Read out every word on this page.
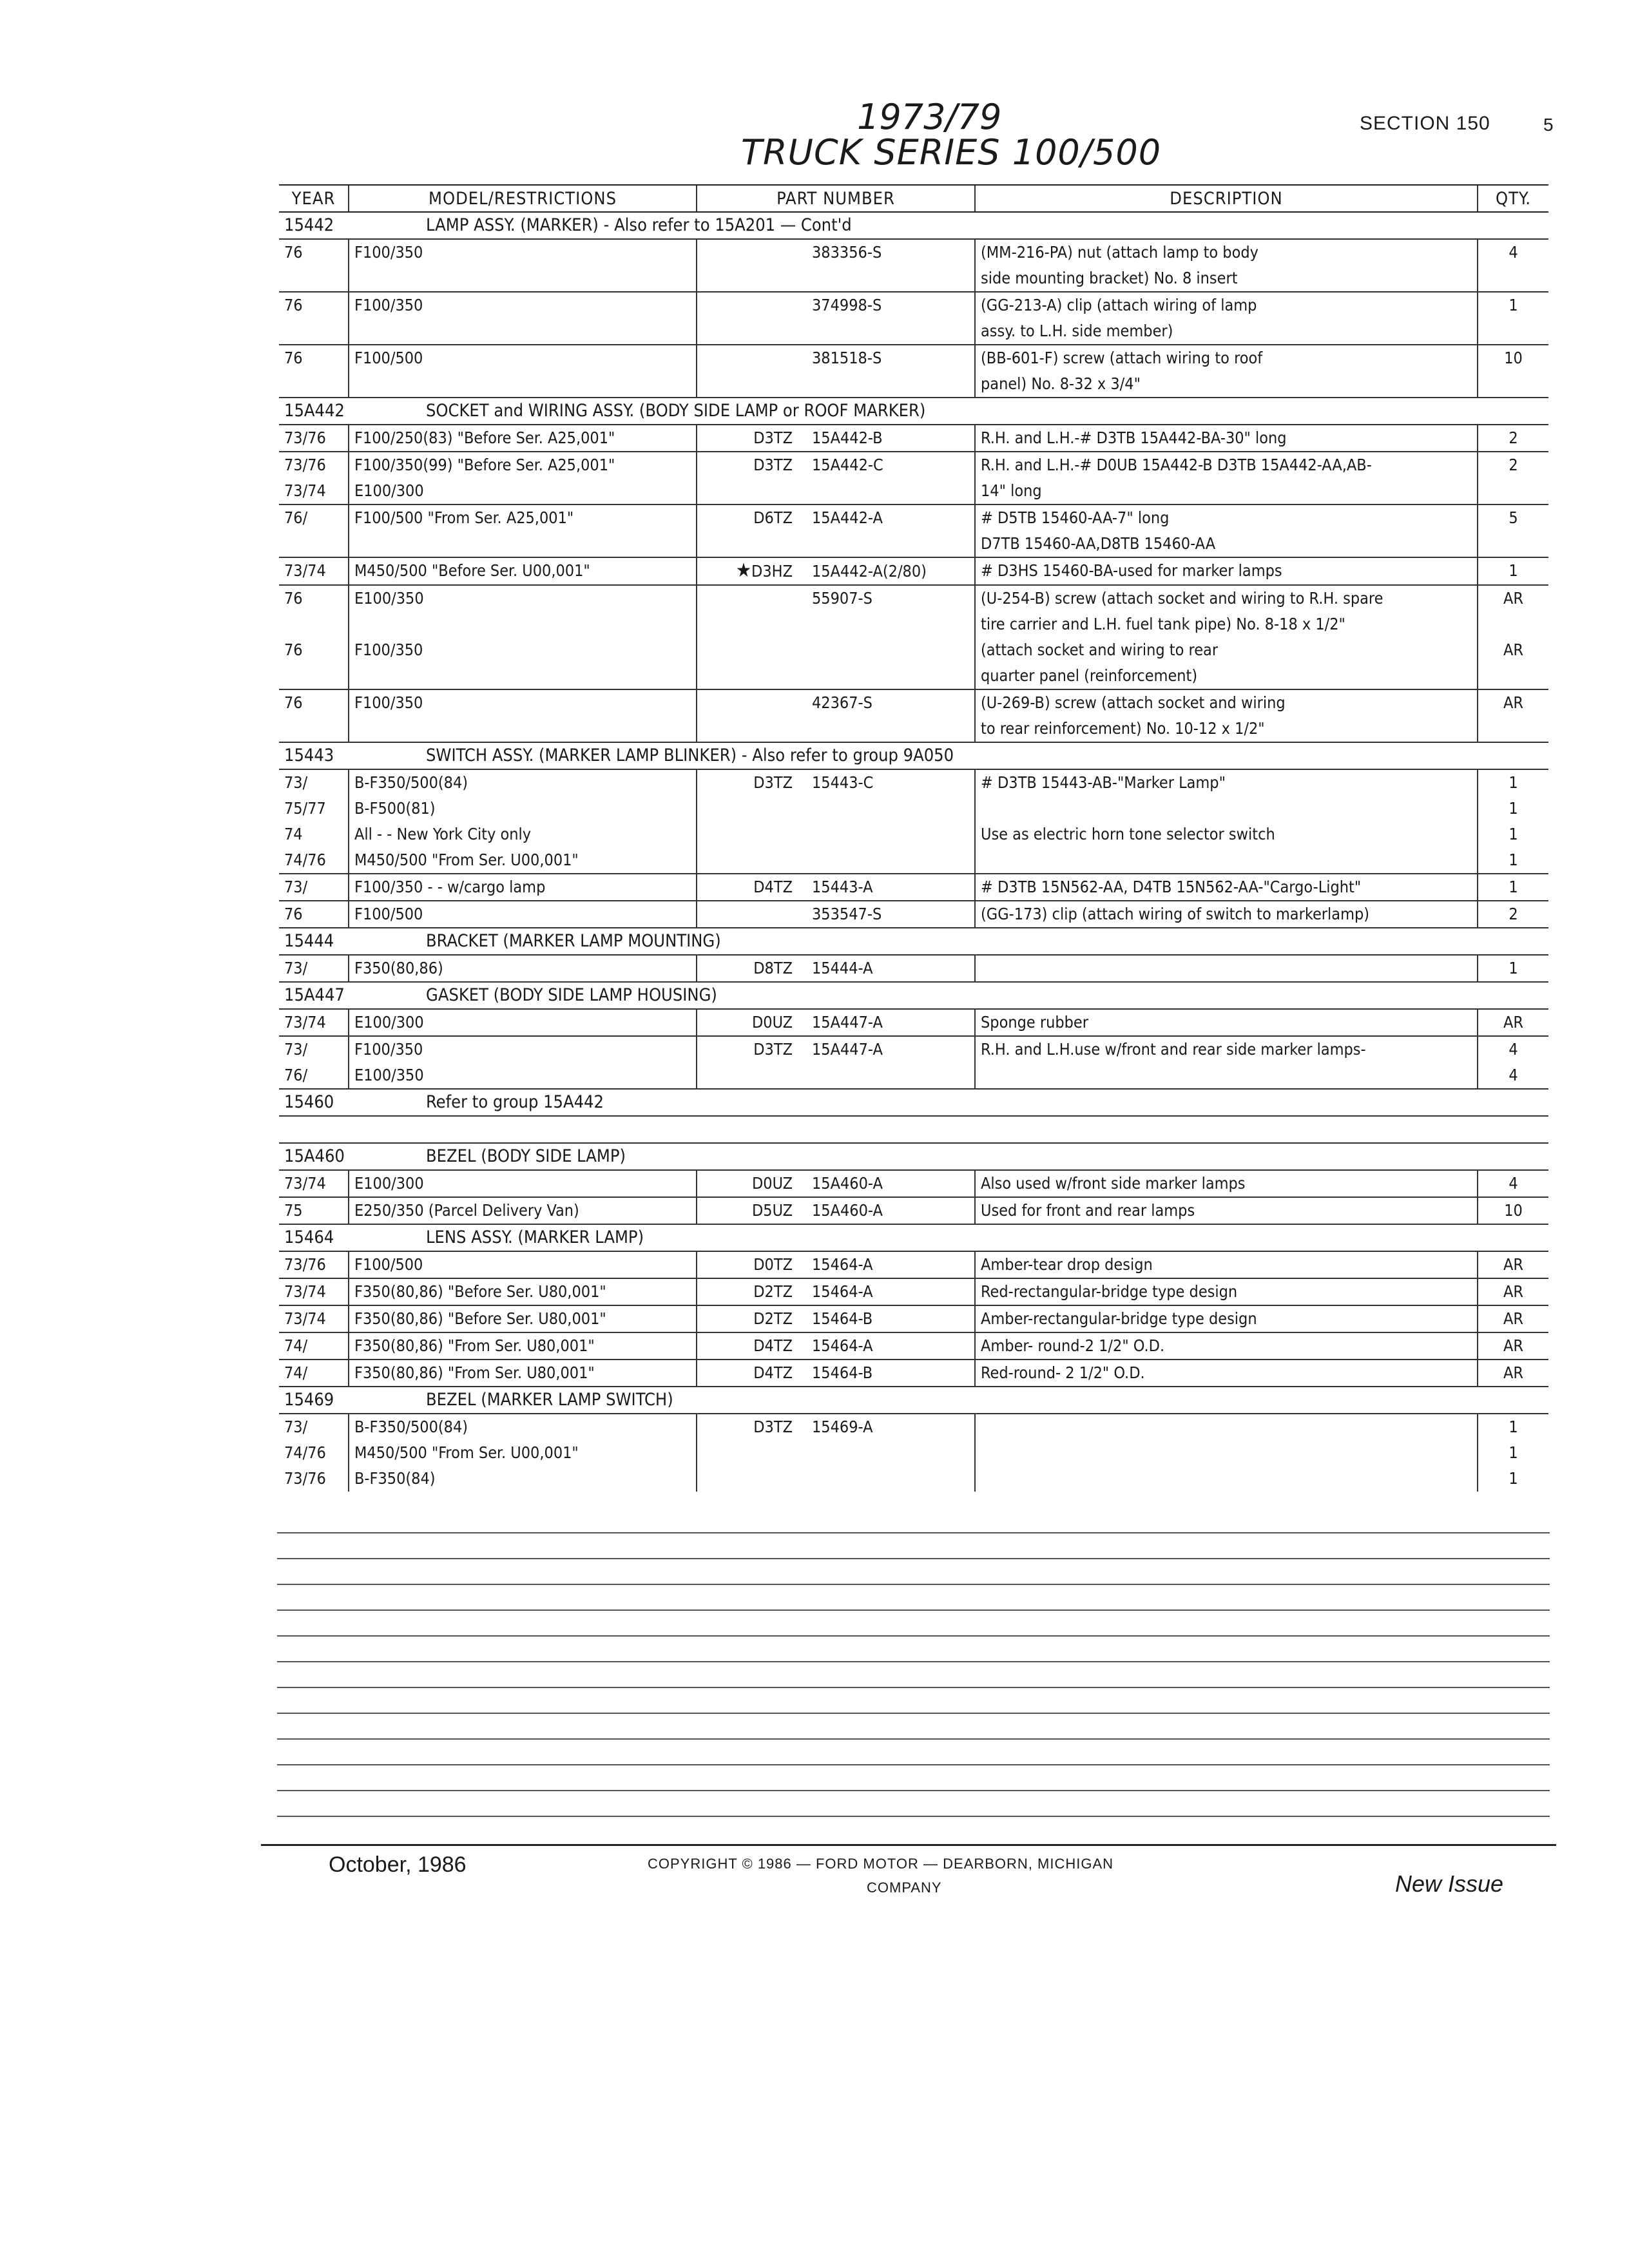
1973/79
TRUCK SERIES 100/500
SECTION 150	5
YEAR	MODEL/RESTRICTIONS	PART NUMBER	DESCRIPTION	QTY.
15442 LAMP ASSY. (MARKER) - Also refer to 15A201 — Cont'd				
76	F100/350	383356-S	(MM-216-PA) nut (attach lamp to body	4
			side mounting bracket) No. 8 insert	
76	F100/350	374998-S	(GG-213-A) clip (attach wiring of lamp	1
			assy. to L.H. side member)	
76	F100/500	381518-S	(BB-601-F) screw (attach wiring to roof	10
			panel) No. 8-32 x 3/4"	
15A442 SOCKET and WIRING ASSY. (BODY SIDE LAMP or ROOF MARKER)				
73/76	F100/250(83) "Before Ser. A25,001"	D3TZ 15A442-B	R.H. and L.H.-# D3TB 15A442-BA-30" long	2
73/76	F100/350(99) "Before Ser. A25,001"	D3TZ 15A442-C	R.H. and L.H.-# D0UB 15A442-B D3TB 15A442-AA,AB-	2
73/74	E100/300		14" long	
76/	F100/500 "From Ser. A25,001"	D6TZ 15A442-A	# D5TB 15460-AA-7" long	5
			D7TB 15460-AA,D8TB 15460-AA	
73/74	M450/500 "Before Ser. U00,001"	★D3HZ 15A442-A(2/80)	# D3HS 15460-BA-used for marker lamps	1
76	E100/350	55907-S	(U-254-B) screw (attach socket and wiring to R.H. spare	AR
			tire carrier and L.H. fuel tank pipe) No. 8-18 x 1/2"	
76	F100/350		(attach socket and wiring to rear	AR
			quarter panel (reinforcement)	
76	F100/350	42367-S	(U-269-B) screw (attach socket and wiring	AR
			to rear reinforcement) No. 10-12 x 1/2"	
15443 SWITCH ASSY. (MARKER LAMP BLINKER) - Also refer to group 9A050				
73/	B-F350/500(84)	D3TZ 15443-C	# D3TB 15443-AB-"Marker Lamp"	1
75/77	B-F500(81)			1
74	All - - New York City only		Use as electric horn tone selector switch	1
74/76	M450/500 "From Ser. U00,001"			1
73/	F100/350 - - w/cargo lamp	D4TZ 15443-A	# D3TB 15N562-AA, D4TB 15N562-AA-"Cargo-Light"	1
76	F100/500	353547-S	(GG-173) clip (attach wiring of switch to markerlamp)	2
15444 BRACKET (MARKER LAMP MOUNTING)				
73/	F350(80,86)	D8TZ 15444-A		1
15A447 GASKET (BODY SIDE LAMP HOUSING)				
73/74	E100/300	D0UZ 15A447-A	Sponge rubber	AR
73/	F100/350	D3TZ 15A447-A	R.H. and L.H.use w/front and rear side marker lamps-	4
76/	E100/350			4
15460 Refer to group 15A442				

15A460 BEZEL (BODY SIDE LAMP)				
73/74	E100/300	D0UZ 15A460-A	Also used w/front side marker lamps	4
75	E250/350 (Parcel Delivery Van)	D5UZ 15A460-A	Used for front and rear lamps	10
15464 LENS ASSY. (MARKER LAMP)				
73/76	F100/500	D0TZ 15464-A	Amber-tear drop design	AR
73/74	F350(80,86) "Before Ser. U80,001"	D2TZ 15464-A	Red-rectangular-bridge type design	AR
73/74	F350(80,86) "Before Ser. U80,001"	D2TZ 15464-B	Amber-rectangular-bridge type design	AR
74/	F350(80,86) "From Ser. U80,001"	D4TZ 15464-A	Amber- round-2 1/2" O.D.	AR
74/	F350(80,86) "From Ser. U80,001"	D4TZ 15464-B	Red-round- 2 1/2" O.D.	AR
15469 BEZEL (MARKER LAMP SWITCH)				
73/	B-F350/500(84)	D3TZ 15469-A		1
74/76	M450/500 "From Ser. U00,001"			1
73/76	B-F350(84)			1
October, 1986	COPYRIGHT © 1986 — FORD MOTOR — DEARBORN, MICHIGAN
COMPANY	New Issue
